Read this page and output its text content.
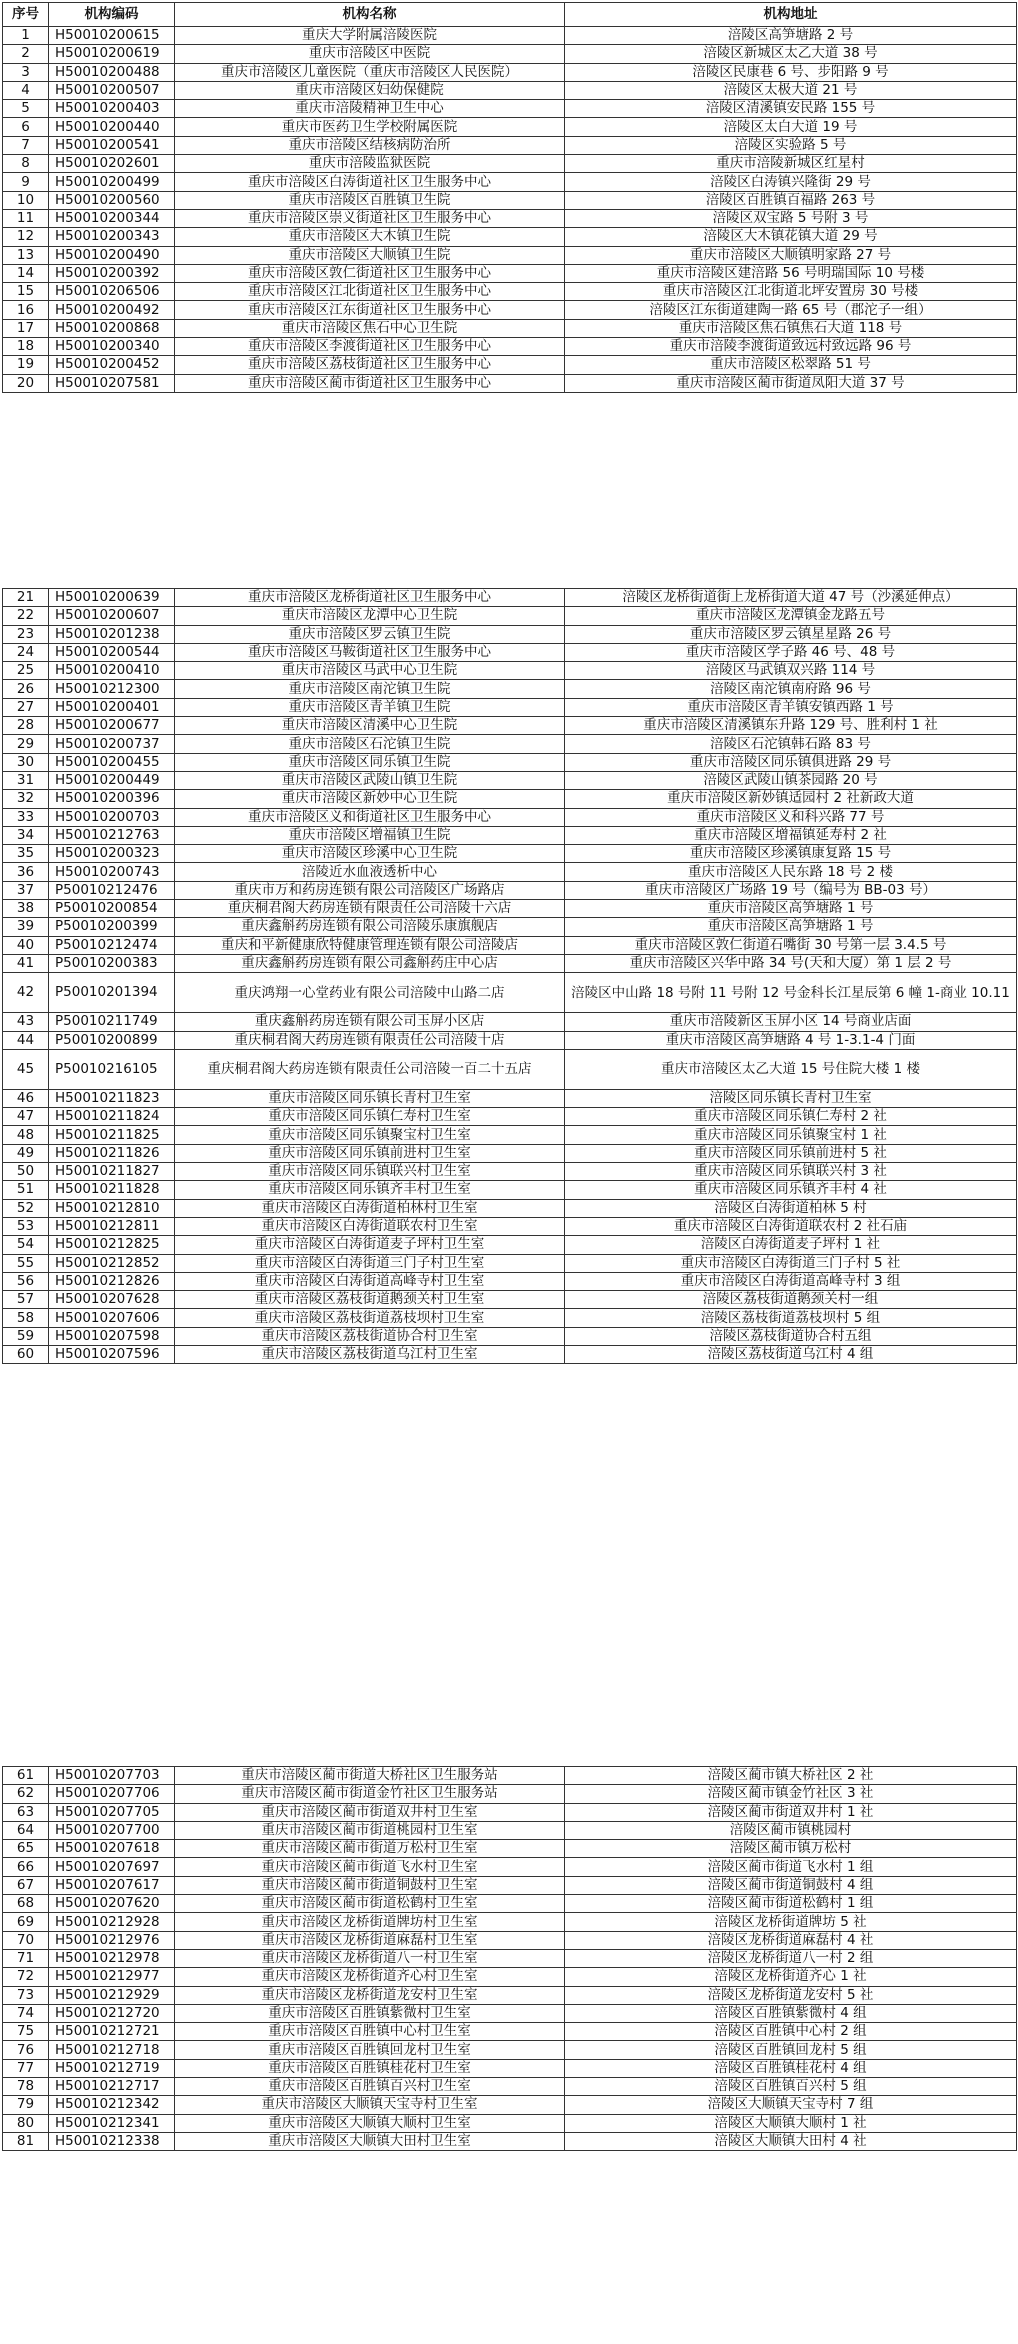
序号	机构编码	机构名称	机构地址
1	H50010200615	重庆大学附属涪陵医院	涪陵区高笋塘路 2 号
2	H50010200619	重庆市涪陵区中医院	涪陵区新城区太乙大道 38 号
3	H50010200488	重庆市涪陵区儿童医院（重庆市涪陵区人民医院）	涪陵区民康巷 6 号、步阳路 9 号
4	H50010200507	重庆市涪陵区妇幼保健院	涪陵区太极大道 21 号
5	H50010200403	重庆市涪陵精神卫生中心	涪陵区清溪镇安民路 155 号
6	H50010200440	重庆市医药卫生学校附属医院	涪陵区太白大道 19 号
7	H50010200541	重庆市涪陵区结核病防治所	涪陵区实验路 5 号
8	H50010202601	重庆市涪陵监狱医院	重庆市涪陵新城区红星村
9	H50010200499	重庆市涪陵区白涛街道社区卫生服务中心	涪陵区白涛镇兴隆街 29 号
10	H50010200560	重庆市涪陵区百胜镇卫生院	涪陵区百胜镇百福路 263 号
11	H50010200344	重庆市涪陵区崇义街道社区卫生服务中心	涪陵区双宝路 5 号附 3 号
12	H50010200343	重庆市涪陵区大木镇卫生院	涪陵区大木镇花镇大道 29 号
13	H50010200490	重庆市涪陵区大顺镇卫生院	重庆市涪陵区大顺镇明家路 27 号
14	H50010200392	重庆市涪陵区敦仁街道社区卫生服务中心	重庆市涪陵区建涪路 56 号明瑞国际 10 号楼
15	H50010206506	重庆市涪陵区江北街道社区卫生服务中心	重庆市涪陵区江北街道北坪安置房 30 号楼
16	H50010200492	重庆市涪陵区江东街道社区卫生服务中心	涪陵区江东街道建陶一路 65 号（郡沱子一组）
17	H50010200868	重庆市涪陵区焦石中心卫生院	重庆市涪陵区焦石镇焦石大道 118 号
18	H50010200340	重庆市涪陵区李渡街道社区卫生服务中心	重庆市涪陵李渡街道致远村致远路 96 号
19	H50010200452	重庆市涪陵区荔枝街道社区卫生服务中心	重庆市涪陵区松翠路 51 号
20	H50010207581	重庆市涪陵区蔺市街道社区卫生服务中心	重庆市涪陵区蔺市街道凤阳大道 37 号
21	H50010200639	重庆市涪陵区龙桥街道社区卫生服务中心	涪陵区龙桥街道街上龙桥街道大道 47 号（沙溪延伸点）
22	H50010200607	重庆市涪陵区龙潭中心卫生院	重庆市涪陵区龙潭镇金龙路五号
23	H50010201238	重庆市涪陵区罗云镇卫生院	重庆市涪陵区罗云镇星星路 26 号
24	H50010200544	重庆市涪陵区马鞍街道社区卫生服务中心	重庆市涪陵区学子路 46 号、48 号
25	H50010200410	重庆市涪陵区马武中心卫生院	涪陵区马武镇双兴路 114 号
26	H50010212300	重庆市涪陵区南沱镇卫生院	涪陵区南沱镇南府路 96 号
27	H50010200401	重庆市涪陵区青羊镇卫生院	重庆市涪陵区青羊镇安镇西路 1 号
28	H50010200677	重庆市涪陵区清溪中心卫生院	重庆市涪陵区清溪镇东升路 129 号、胜利村 1 社
29	H50010200737	重庆市涪陵区石沱镇卫生院	涪陵区石沱镇韩石路 83 号
30	H50010200455	重庆市涪陵区同乐镇卫生院	重庆市涪陵区同乐镇俱进路 29 号
31	H50010200449	重庆市涪陵区武陵山镇卫生院	涪陵区武陵山镇茶园路 20 号
32	H50010200396	重庆市涪陵区新妙中心卫生院	重庆市涪陵区新妙镇适园村 2 社新政大道
33	H50010200703	重庆市涪陵区义和街道社区卫生服务中心	重庆市涪陵区义和科兴路 77 号
34	H50010212763	重庆市涪陵区增福镇卫生院	重庆市涪陵区增福镇延寿村 2 社
35	H50010200323	重庆市涪陵区珍溪中心卫生院	重庆市涪陵区珍溪镇康复路 15 号
36	H50010200743	涪陵近水血液透析中心	重庆市涪陵区人民东路 18 号 2 楼
37	P50010212476	重庆市万和药房连锁有限公司涪陵区广场路店	重庆市涪陵区广场路 19 号（编号为 BB-03 号）
38	P50010200854	重庆桐君阁大药房连锁有限责任公司涪陵十六店	重庆市涪陵区高笋塘路 1 号
39	P50010200399	重庆鑫斛药房连锁有限公司涪陵乐康旗舰店	重庆市涪陵区高笋塘路 1 号
40	P50010212474	重庆和平新健康欣特健康管理连锁有限公司涪陵店	重庆市涪陵区敦仁街道石嘴街 30 号第一层 3.4.5 号
41	P50010200383	重庆鑫斛药房连锁有限公司鑫斛药庄中心店	重庆市涪陵区兴华中路 34 号(天和大厦）第 1 层 2 号
42	P50010201394	重庆鸿翔一心堂药业有限公司涪陵中山路二店	涪陵区中山路 18 号附 11 号附 12 号金科长江星辰第 6 幢 1-商业 10.11
43	P50010211749	重庆鑫斛药房连锁有限公司玉屏小区店	重庆市涪陵新区玉屏小区 14 号商业店面
44	P50010200899	重庆桐君阁大药房连锁有限责任公司涪陵十店	重庆市涪陵区高笋塘路 4 号 1-3.1-4 门面
45	P50010216105	重庆桐君阁大药房连锁有限责任公司涪陵一百二十五店	重庆市涪陵区太乙大道 15 号住院大楼 1 楼
46	H50010211823	重庆市涪陵区同乐镇长青村卫生室	涪陵区同乐镇长青村卫生室
47	H50010211824	重庆市涪陵区同乐镇仁寿村卫生室	重庆市涪陵区同乐镇仁寿村 2 社
48	H50010211825	重庆市涪陵区同乐镇聚宝村卫生室	重庆市涪陵区同乐镇聚宝村 1 社
49	H50010211826	重庆市涪陵区同乐镇前进村卫生室	重庆市涪陵区同乐镇前进村 5 社
50	H50010211827	重庆市涪陵区同乐镇联兴村卫生室	重庆市涪陵区同乐镇联兴村 3 社
51	H50010211828	重庆市涪陵区同乐镇齐丰村卫生室	重庆市涪陵区同乐镇齐丰村 4 社
52	H50010212810	重庆市涪陵区白涛街道柏林村卫生室	涪陵区白涛街道柏林 5 村
53	H50010212811	重庆市涪陵区白涛街道联农村卫生室	重庆市涪陵区白涛街道联农村 2 社石庙
54	H50010212825	重庆市涪陵区白涛街道麦子坪村卫生室	涪陵区白涛街道麦子坪村 1 社
55	H50010212852	重庆市涪陵区白涛街道三门子村卫生室	重庆市涪陵区白涛街道三门子村 5 社
56	H50010212826	重庆市涪陵区白涛街道高峰寺村卫生室	重庆市涪陵区白涛街道高峰寺村 3 组
57	H50010207628	重庆市涪陵区荔枝街道鹅颈关村卫生室	涪陵区荔枝街道鹅颈关村一组
58	H50010207606	重庆市涪陵区荔枝街道荔枝坝村卫生室	涪陵区荔枝街道荔枝坝村 5 组
59	H50010207598	重庆市涪陵区荔枝街道协合村卫生室	涪陵区荔枝街道协合村五组
60	H50010207596	重庆市涪陵区荔枝街道乌江村卫生室	涪陵区荔枝街道乌江村 4 组
61	H50010207703	重庆市涪陵区蔺市街道大桥社区卫生服务站	涪陵区蔺市镇大桥社区 2 社
62	H50010207706	重庆市涪陵区蔺市街道金竹社区卫生服务站	涪陵区蔺市镇金竹社区 3 社
63	H50010207705	重庆市涪陵区蔺市街道双井村卫生室	涪陵区蔺市街道双井村 1 社
64	H50010207700	重庆市涪陵区蔺市街道桃园村卫生室	涪陵区蔺市镇桃园村
65	H50010207618	重庆市涪陵区蔺市街道万松村卫生室	涪陵区蔺市镇万松村
66	H50010207697	重庆市涪陵区蔺市街道飞水村卫生室	涪陵区蔺市街道飞水村 1 组
67	H50010207617	重庆市涪陵区蔺市街道铜鼓村卫生室	涪陵区蔺市街道铜鼓村 4 组
68	H50010207620	重庆市涪陵区蔺市街道松鹤村卫生室	涪陵区蔺市街道松鹤村 1 组
69	H50010212928	重庆市涪陵区龙桥街道牌坊村卫生室	涪陵区龙桥街道牌坊 5 社
70	H50010212976	重庆市涪陵区龙桥街道麻磊村卫生室	涪陵区龙桥街道麻磊村 4 社
71	H50010212978	重庆市涪陵区龙桥街道八一村卫生室	涪陵区龙桥街道八一村 2 组
72	H50010212977	重庆市涪陵区龙桥街道齐心村卫生室	涪陵区龙桥街道齐心 1 社
73	H50010212929	重庆市涪陵区龙桥街道龙安村卫生室	涪陵区龙桥街道龙安村 5 社
74	H50010212720	重庆市涪陵区百胜镇紫微村卫生室	涪陵区百胜镇紫微村 4 组
75	H50010212721	重庆市涪陵区百胜镇中心村卫生室	涪陵区百胜镇中心村 2 组
76	H50010212718	重庆市涪陵区百胜镇回龙村卫生室	涪陵区百胜镇回龙村 5 组
77	H50010212719	重庆市涪陵区百胜镇桂花村卫生室	涪陵区百胜镇桂花村 4 组
78	H50010212717	重庆市涪陵区百胜镇百兴村卫生室	涪陵区百胜镇百兴村 5 组
79	H50010212342	重庆市涪陵区大顺镇天宝寺村卫生室	涪陵区大顺镇天宝寺村 7 组
80	H50010212341	重庆市涪陵区大顺镇大顺村卫生室	涪陵区大顺镇大顺村 1 社
81	H50010212338	重庆市涪陵区大顺镇大田村卫生室	涪陵区大顺镇大田村 4 社
